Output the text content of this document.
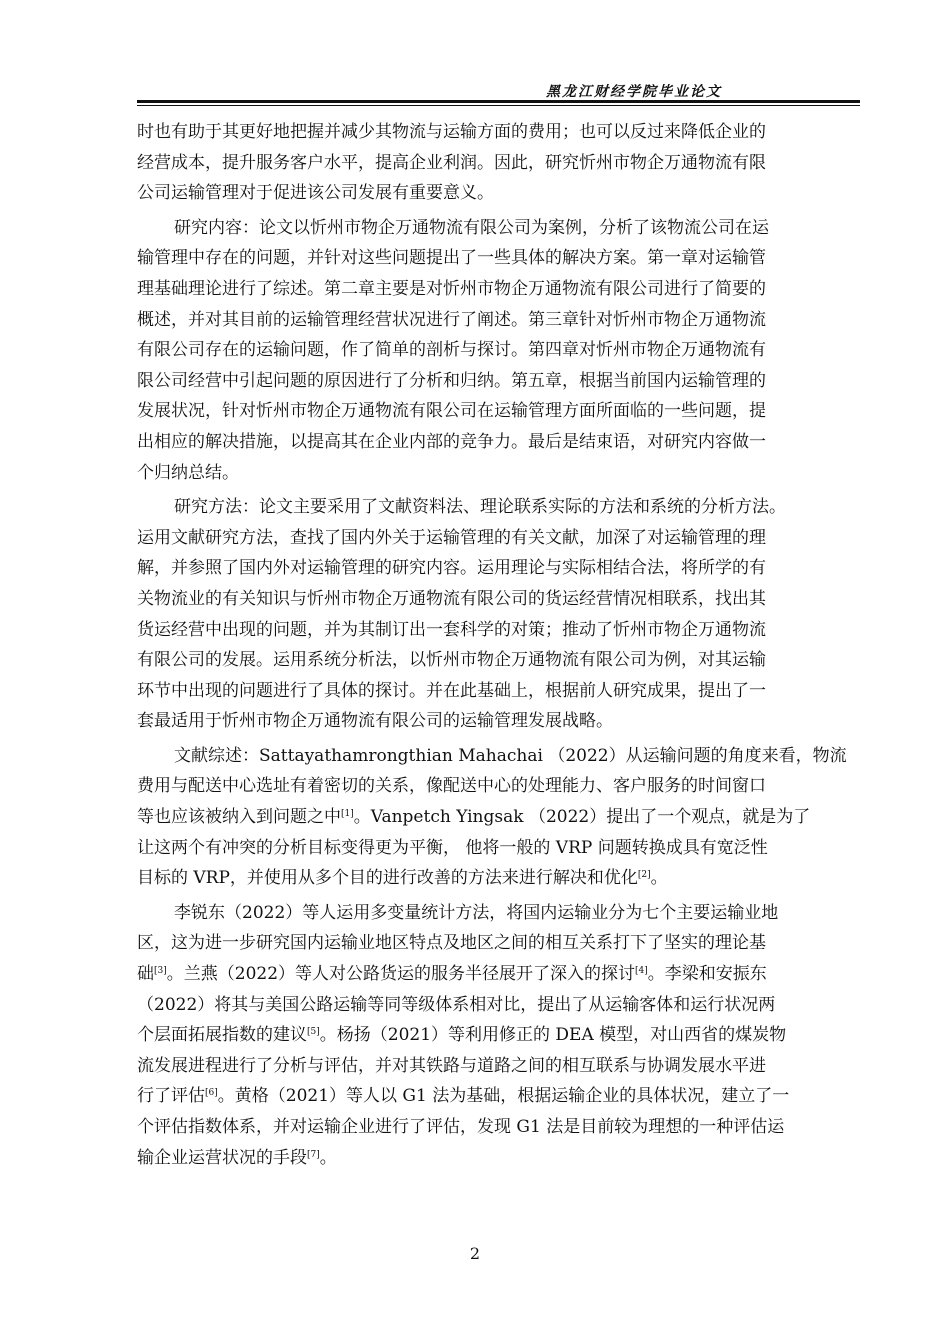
黑龙江财经学院毕业论文
时也有助于其更好地把握并减少其物流与运输方面的费用；也可以反过来降低企业的
经营成本，提升服务客户水平，提高企业利润。因此，研究忻州市物企万通物流有限
公司运输管理对于促进该公司发展有重要意义。
研究内容：论文以忻州市物企万通物流有限公司为案例，分析了该物流公司在运
输管理中存在的问题，并针对这些问题提出了一些具体的解决方案。第一章对运输管
理基础理论进行了综述。第二章主要是对忻州市物企万通物流有限公司进行了简要的
概述，并对其目前的运输管理经营状况进行了阐述。第三章针对忻州市物企万通物流
有限公司存在的运输问题，作了简单的剖析与探讨。第四章对忻州市物企万通物流有
限公司经营中引起问题的原因进行了分析和归纳。第五章，根据当前国内运输管理的
发展状况，针对忻州市物企万通物流有限公司在运输管理方面所面临的一些问题，提
出相应的解决措施，以提高其在企业内部的竞争力。最后是结束语，对研究内容做一
个归纳总结。
研究方法：论文主要采用了文献资料法、理论联系实际的方法和系统的分析方法。
运用文献研究方法，查找了国内外关于运输管理的有关文献，加深了对运输管理的理
解，并参照了国内外对运输管理的研究内容。运用理论与实际相结合法，将所学的有
关物流业的有关知识与忻州市物企万通物流有限公司的货运经营情况相联系，找出其
货运经营中出现的问题，并为其制订出一套科学的对策；推动了忻州市物企万通物流
有限公司的发展。运用系统分析法，以忻州市物企万通物流有限公司为例，对其运输
环节中出现的问题进行了具体的探讨。并在此基础上，根据前人研究成果，提出了一
套最适用于忻州市物企万通物流有限公司的运输管理发展战略。
文献综述：Sattayathamrongthian Mahachai （2022）从运输问题的角度来看，物流
费用与配送中心选址有着密切的关系，像配送中心的处理能力、客户服务的时间窗口
等也应该被纳入到问题之中[1]。Vanpetch Yingsak （2022）提出了一个观点，就是为了
让这两个有冲突的分析目标变得更为平衡， 他将一般的 VRP 问题转换成具有宽泛性
目标的 VRP，并使用从多个目的进行改善的方法来进行解决和优化[2]。
李锐东（2022）等人运用多变量统计方法，将国内运输业分为七个主要运输业地
区，这为进一步研究国内运输业地区特点及地区之间的相互关系打下了坚实的理论基
础[3]。兰燕（2022）等人对公路货运的服务半径展开了深入的探讨[4]。李梁和安振东
（2022）将其与美国公路运输等同等级体系相对比，提出了从运输客体和运行状况两
个层面拓展指数的建议[5]。杨扬（2021）等利用修正的 DEA 模型，对山西省的煤炭物
流发展进程进行了分析与评估，并对其铁路与道路之间的相互联系与协调发展水平进
行了评估[6]。黄格（2021）等人以 G1 法为基础，根据运输企业的具体状况，建立了一
个评估指数体系，并对运输企业进行了评估，发现 G1 法是目前较为理想的一种评估运
输企业运营状况的手段[7]。
2
